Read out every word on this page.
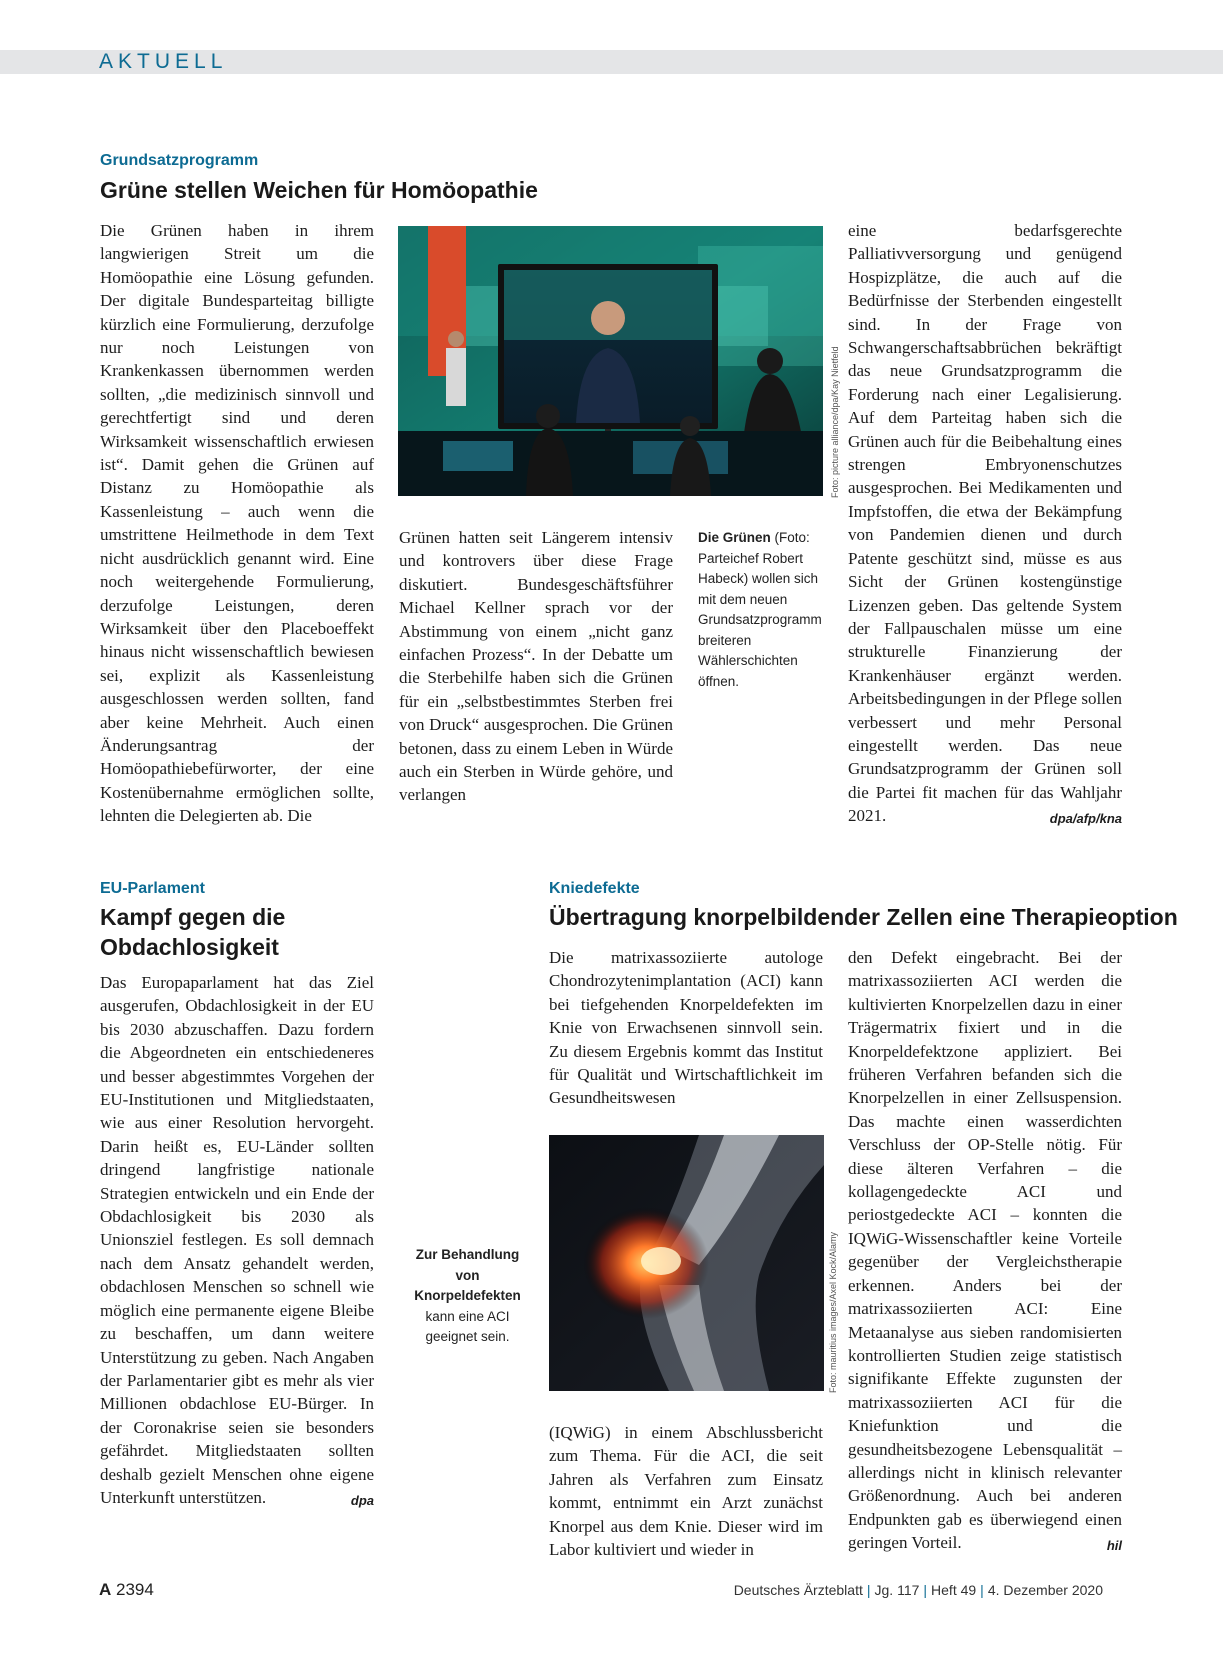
AKTUELL
Grundsatzprogramm
Grüne stellen Weichen für Homöopathie

Die Grünen haben in ihrem langwierigen Streit um die Homöopathie eine Lösung gefunden. Der digitale Bundesparteitag billigte kürzlich eine Formulierung, derzufolge nur noch Leistungen von Krankenkassen übernommen werden sollten, „die medizinisch sinnvoll und gerechtfertigt sind und deren Wirksamkeit wissenschaftlich erwiesen ist“. Damit gehen die Grünen auf Distanz zu Homöopathie als Kassenleistung – auch wenn die umstrittene Heilmethode in dem Text nicht ausdrücklich genannt wird. Eine noch weitergehende Formulierung, derzufolge Leistungen, deren Wirksamkeit über den Placeboeffekt hinaus nicht wissenschaftlich bewiesen sei, explizit als Kassenleistung ausgeschlossen werden sollten, fand aber keine Mehrheit. Auch einen Änderungsantrag der Homöopathiebefürworter, der eine Kostenübernahme ermöglichen sollte, lehnten die Delegierten ab. Die

Foto: picture alliance/dpa/Kay Nietfeld

Grünen hatten seit Längerem intensiv und kontrovers über diese Frage diskutiert. Bundesgeschäftsführer Michael Kellner sprach vor der Abstimmung von einem „nicht ganz einfachen Prozess“. In der Debatte um die Sterbehilfe haben sich die Grünen für ein „selbstbestimmtes Sterben frei von Druck“ ausgesprochen. Die Grünen betonen, dass zu einem Leben in Würde auch ein Sterben in Würde gehöre, und verlangen

Die Grünen (Foto: Parteichef Robert Habeck) wollen sich mit dem neuen Grundsatzprogramm breiteren Wählerschichten öffnen.
eine bedarfsgerechte Palliativversorgung und genügend Hospizplätze, die auch auf die Bedürfnisse der Sterbenden eingestellt sind. In der Frage von Schwangerschaftsabbrüchen bekräftigt das neue Grundsatzprogramm die Forderung nach einer Legalisierung. Auf dem Parteitag haben sich die Grünen auch für die Beibehaltung eines strengen Embryonenschutzes ausgesprochen. Bei Medikamenten und Impfstoffen, die etwa der Bekämpfung von Pandemien dienen und durch Patente geschützt sind, müsse es aus Sicht der Grünen kostengünstige Lizenzen geben. Das geltende System der Fallpauschalen müsse um eine strukturelle Finanzierung der Krankenhäuser ergänzt werden. Arbeitsbedingungen in der Pflege sollen verbessert und mehr Personal eingestellt werden. Das neue Grundsatzprogramm der Grünen soll die Partei fit machen für das Wahljahr 2021.	dpa/afp/kna
EU-Parlament
Kampf gegen die Obdachlosigkeit
Das Europaparlament hat das Ziel ausgerufen, Obdachlosigkeit in der EU bis 2030 abzuschaffen. Dazu fordern die Abgeordneten ein entschiedeneres und besser abgestimmtes Vorgehen der EU-Institutionen und Mitgliedstaaten, wie aus einer Resolution hervorgeht. Darin heißt es, EU-Länder sollten dringend langfristige nationale Strategien entwickeln und ein Ende der Obdachlosigkeit bis 2030 als Unionsziel festlegen. Es soll demnach nach dem Ansatz gehandelt werden, obdachlosen Menschen so schnell wie möglich eine permanente eigene Bleibe zu beschaffen, um dann weitere Unterstützung zu geben. Nach Angaben der Parlamentarier gibt es mehr als vier Millionen obdachlose EU-Bürger. In der Coronakrise seien sie besonders gefährdet. Mitgliedstaaten sollten deshalb gezielt Menschen ohne eigene Unterkunft unterstützen.	dpa
Kniedefekte
Übertragung knorpelbildender Zellen eine Therapieoption

Die matrixassoziierte autologe Chondrozytenimplantation (ACI) kann bei tiefgehenden Knorpeldefekten im Knie von Erwachsenen sinnvoll sein. Zu diesem Ergebnis kommt das Institut für Qualität und Wirtschaftlichkeit im Gesundheitswesen

Zur Behandlung von Knorpeldefekten
kann eine ACI geeignet sein.	Foto: mauritius images/Axel Kock/Alamy

(IQWiG) in einem Abschlussbericht zum Thema. Für die ACI, die seit Jahren als Verfahren zum Einsatz kommt, entnimmt ein Arzt zunächst Knorpel aus dem Knie. Dieser wird im Labor kultiviert und wieder in

den Defekt eingebracht. Bei der matrixassoziierten ACI werden die kultivierten Knorpelzellen dazu in einer Trägermatrix fixiert und in die Knorpeldefektzone appliziert. Bei früheren Verfahren befanden sich die Knorpelzellen in einer Zellsuspension. Das machte einen wasserdichten Verschluss der OP-Stelle nötig. Für diese älteren Verfahren – die kollagengedeckte ACI und periostgedeckte ACI – konnten die IQWiG-Wissenschaftler keine Vorteile gegenüber der Vergleichstherapie erkennen. Anders bei der matrixassoziierten ACI: Eine Metaanalyse aus sieben randomisierten kontrollierten Studien zeige statistisch signifikante Effekte zugunsten der matrixassoziierten ACI für die Kniefunktion und die gesundheitsbezogene Lebensqualität – allerdings nicht in klinisch relevanter Größenordnung. Auch bei anderen Endpunkten gab es überwiegend einen geringen Vorteil.	hil
A 2394	Deutsches Ärzteblatt | Jg. 117 | Heft 49 | 4. Dezember 2020
